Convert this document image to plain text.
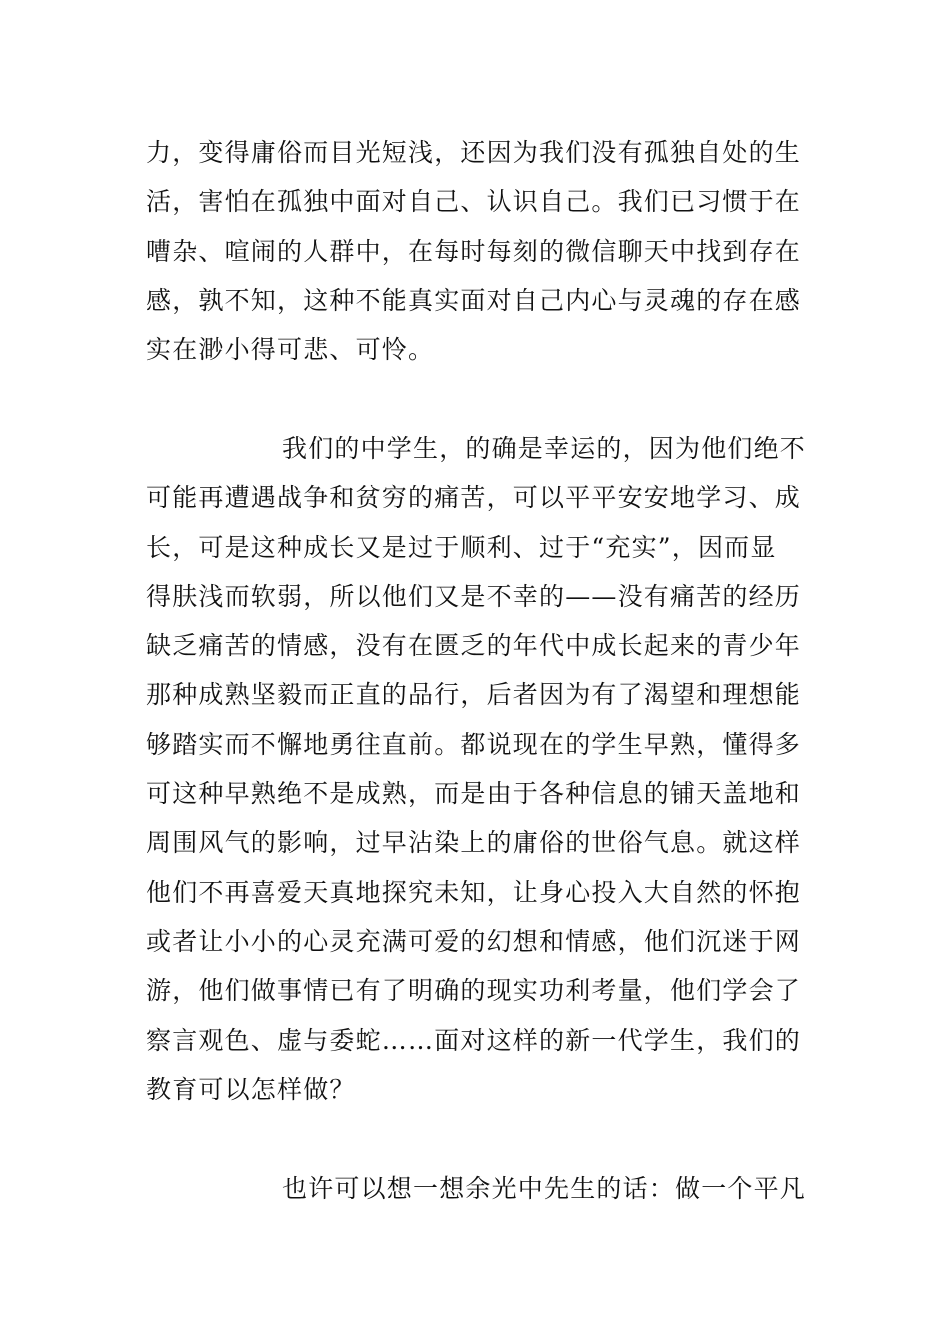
力，变得庸俗而目光短浅，还因为我们没有孤独自处的生
活，害怕在孤独中面对自己、认识自己。我们已习惯于在
嘈杂、喧闹的人群中，在每时每刻的微信聊天中找到存在
感，孰不知，这种不能真实面对自己内心与灵魂的存在感
实在渺小得可悲、可怜。

我们的中学生，的确是幸运的，因为他们绝不
可能再遭遇战争和贫穷的痛苦，可以平平安安地学习、成
长，可是这种成长又是过于顺利、过于“充实”，因而显
得肤浅而软弱，所以他们又是不幸的——没有痛苦的经历
缺乏痛苦的情感，没有在匮乏的年代中成长起来的青少年
那种成熟坚毅而正直的品行，后者因为有了渴望和理想能
够踏实而不懈地勇往直前。都说现在的学生早熟，懂得多
可这种早熟绝不是成熟，而是由于各种信息的铺天盖地和
周围风气的影响，过早沾染上的庸俗的世俗气息。就这样
他们不再喜爱天真地探究未知，让身心投入大自然的怀抱
或者让小小的心灵充满可爱的幻想和情感，他们沉迷于网
游，他们做事情已有了明确的现实功利考量，他们学会了
察言观色、虚与委蛇……面对这样的新一代学生，我们的
教育可以怎样做？

也许可以想一想余光中先生的话：做一个平凡
